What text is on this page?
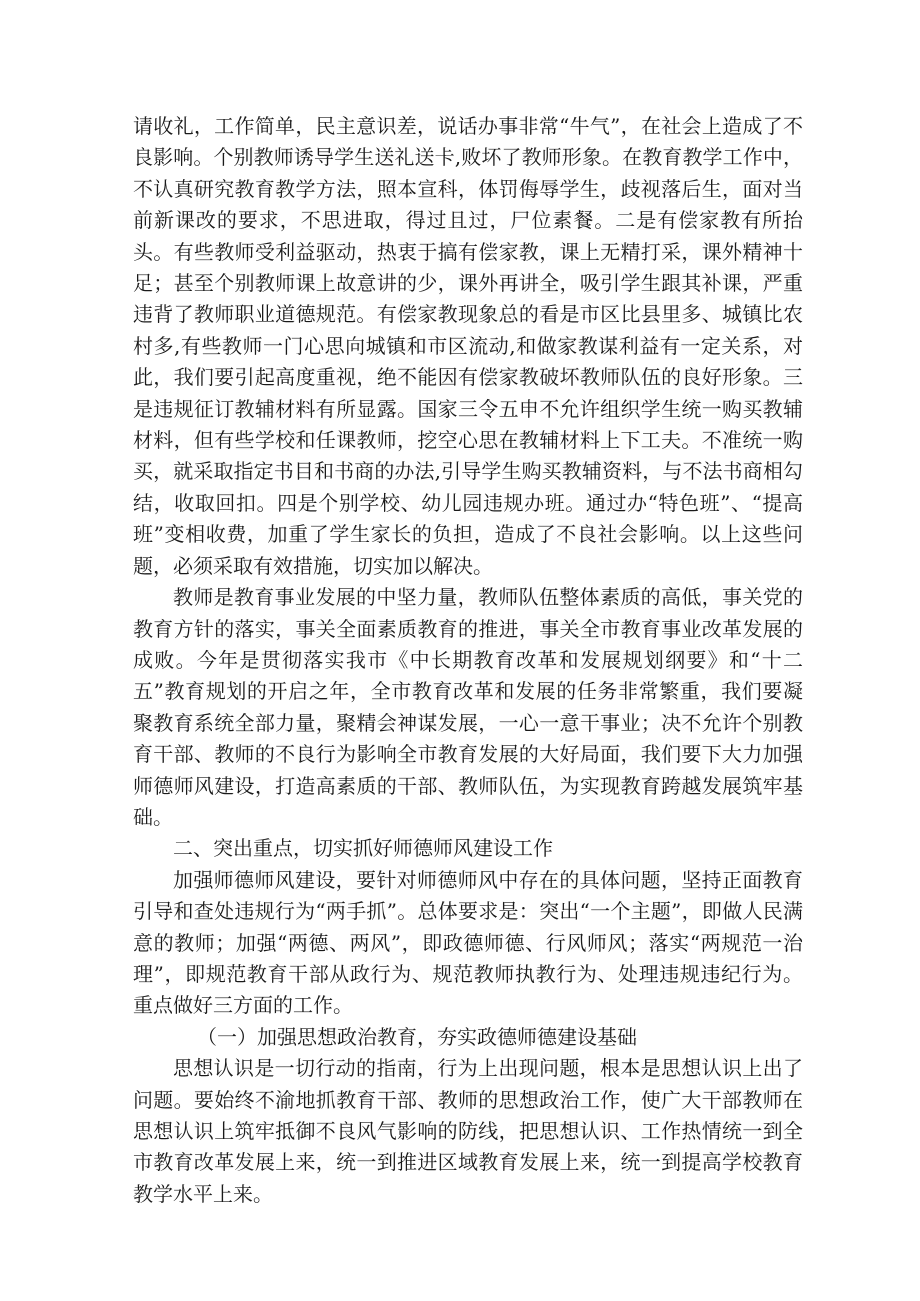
请收礼，工作简单，民主意识差，说话办事非常“牛气”，在社会上造成了不良影响。个别教师诱导学生送礼送卡,败坏了教师形象。在教育教学工作中，不认真研究教育教学方法，照本宣科，体罚侮辱学生，歧视落后生，面对当前新课改的要求，不思进取，得过且过，尸位素餐。二是有偿家教有所抬头。有些教师受利益驱动，热衷于搞有偿家教，课上无精打采，课外精神十足；甚至个别教师课上故意讲的少，课外再讲全，吸引学生跟其补课，严重违背了教师职业道德规范。有偿家教现象总的看是市区比县里多、城镇比农村多,有些教师一门心思向城镇和市区流动,和做家教谋利益有一定关系，对此，我们要引起高度重视，绝不能因有偿家教破坏教师队伍的良好形象。三是违规征订教辅材料有所显露。国家三令五申不允许组织学生统一购买教辅材料，但有些学校和任课教师，挖空心思在教辅材料上下工夫。不准统一购买，就采取指定书目和书商的办法,引导学生购买教辅资料，与不法书商相勾结，收取回扣。四是个别学校、幼儿园违规办班。通过办“特色班”、“提高班”变相收费，加重了学生家长的负担，造成了不良社会影响。以上这些问题，必须采取有效措施，切实加以解决。

教师是教育事业发展的中坚力量，教师队伍整体素质的高低，事关党的教育方针的落实，事关全面素质教育的推进，事关全市教育事业改革发展的成败。今年是贯彻落实我市《中长期教育改革和发展规划纲要》和“十二五”教育规划的开启之年，全市教育改革和发展的任务非常繁重，我们要凝聚教育系统全部力量，聚精会神谋发展，一心一意干事业；决不允许个别教育干部、教师的不良行为影响全市教育发展的大好局面，我们要下大力加强师德师风建设，打造高素质的干部、教师队伍，为实现教育跨越发展筑牢基础。

二、突出重点，切实抓好师德师风建设工作

加强师德师风建设，要针对师德师风中存在的具体问题，坚持正面教育引导和查处违规行为“两手抓”。总体要求是：突出“一个主题”，即做人民满意的教师；加强“两德、两风”，即政德师德、行风师风；落实“两规范一治理”，即规范教育干部从政行为、规范教师执教行为、处理违规违纪行为。重点做好三方面的工作。

（一）加强思想政治教育，夯实政德师德建设基础

思想认识是一切行动的指南，行为上出现问题，根本是思想认识上出了问题。要始终不渝地抓教育干部、教师的思想政治工作，使广大干部教师在思想认识上筑牢抵御不良风气影响的防线，把思想认识、工作热情统一到全市教育改革发展上来，统一到推进区域教育发展上来，统一到提高学校教育教学水平上来。
